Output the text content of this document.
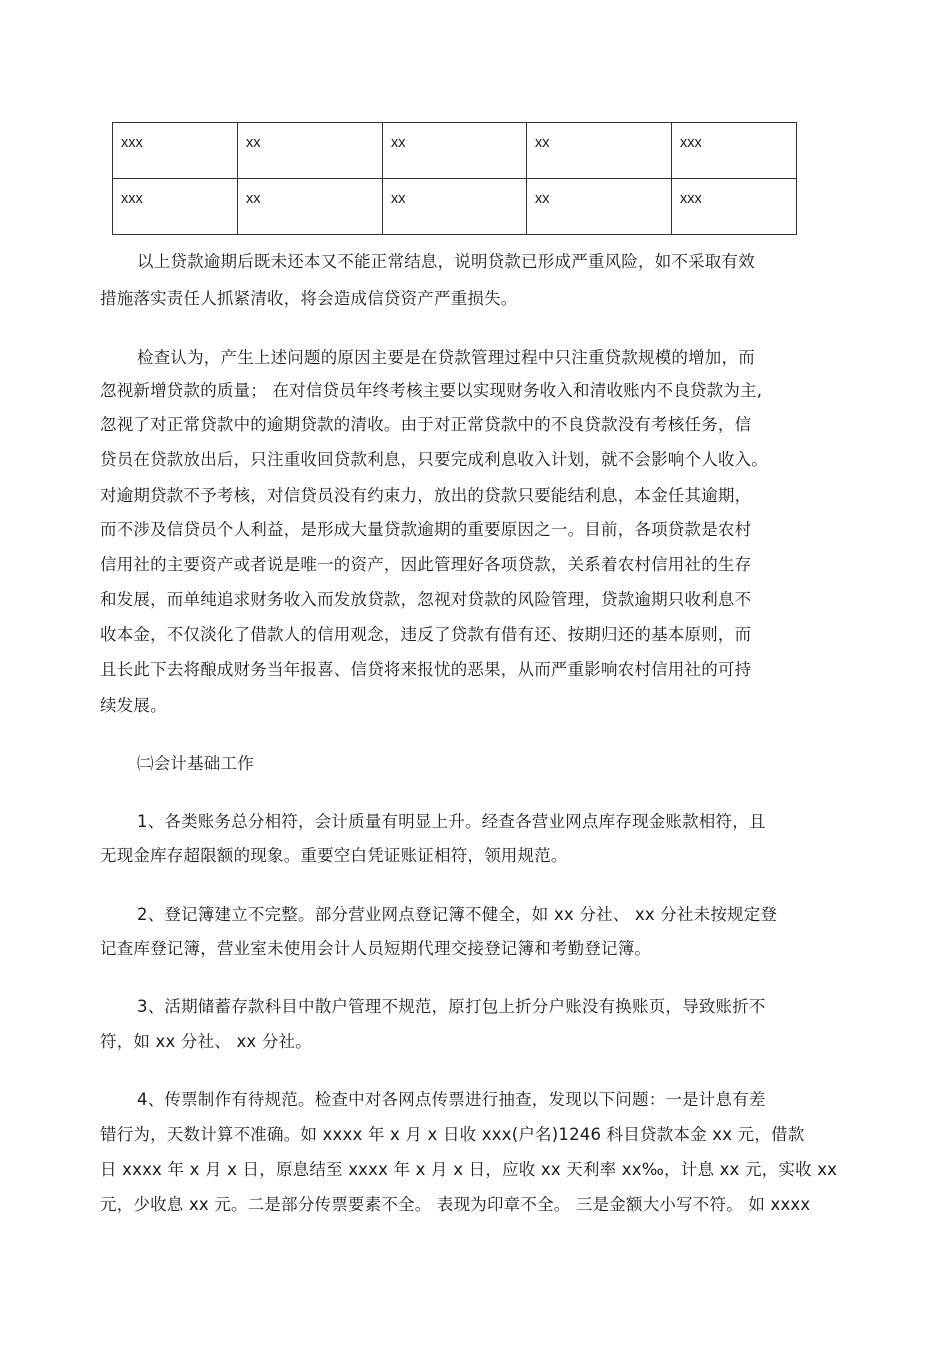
xxx	xx	xx	xx	xxx
xxx	xx	xx	xx	xxx
以上贷款逾期后既未还本又不能正常结息，说明贷款已形成严重风险，如不采取有效
措施落实责任人抓紧清收，将会造成信贷资产严重损失。
检查认为，产生上述问题的原因主要是在贷款管理过程中只注重贷款规模的增加，而
忽视新增贷款的质量； 在对信贷员年终考核主要以实现财务收入和清收账内不良贷款为主,
忽视了对正常贷款中的逾期贷款的清收。由于对正常贷款中的不良贷款没有考核任务，信
贷员在贷款放出后，只注重收回贷款利息，只要完成利息收入计划，就不会影响个人收入。
对逾期贷款不予考核，对信贷员没有约束力，放出的贷款只要能结利息，本金任其逾期，
而不涉及信贷员个人利益，是形成大量贷款逾期的重要原因之一。目前，各项贷款是农村
信用社的主要资产或者说是唯一的资产，因此管理好各项贷款，关系着农村信用社的生存
和发展，而单纯追求财务收入而发放贷款，忽视对贷款的风险管理，贷款逾期只收利息不
收本金，不仅淡化了借款人的信用观念，违反了贷款有借有还、按期归还的基本原则，而
且长此下去将酿成财务当年报喜、信贷将来报忧的恶果，从而严重影响农村信用社的可持
续发展。
㈡会计基础工作
1、各类账务总分相符，会计质量有明显上升。经查各营业网点库存现金账款相符，且
无现金库存超限额的现象。重要空白凭证账证相符，领用规范。
2、登记簿建立不完整。部分营业网点登记簿不健全，如 xx 分社、 xx 分社未按规定登
记查库登记簿，营业室未使用会计人员短期代理交接登记簿和考勤登记簿。
3、活期储蓄存款科目中散户管理不规范，原打包上折分户账没有换账页，导致账折不
符，如 xx 分社、 xx 分社。
4、传票制作有待规范。检查中对各网点传票进行抽查，发现以下问题：一是计息有差
错行为，天数计算不准确。如 xxxx 年 x 月 x 日收 xxx(户名)1246 科目贷款本金 xx 元，借款
日 xxxx 年 x 月 x 日，原息结至 xxxx 年 x 月 x 日，应收 xx 天利率 xx‰，计息 xx 元，实收 xx
元，少收息 xx 元。二是部分传票要素不全。 表现为印章不全。 三是金额大小写不符。 如 xxxx
